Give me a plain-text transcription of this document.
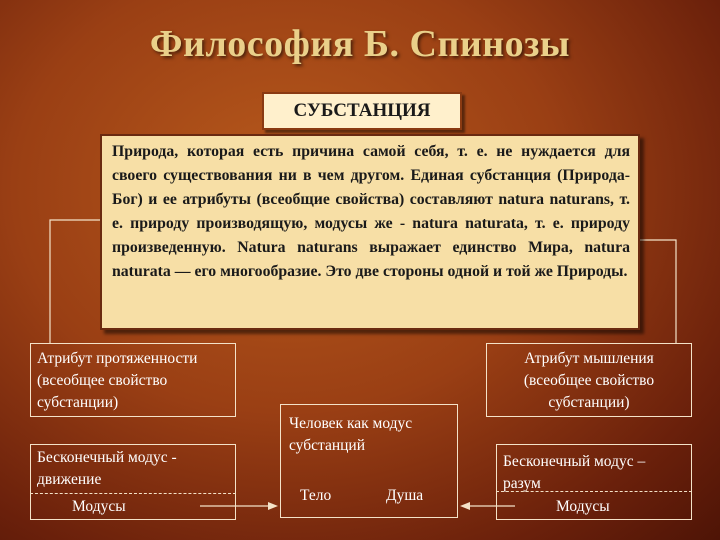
Философия Б. Спинозы
СУБСТАНЦИЯ
Природа, которая есть причина самой себя, т. е. не нуждается для своего существования ни в чем другом. Единая субстанция (Природа-Бог) и ее атрибуты (всеобщие свойства) составляют natura naturans, т. е. природу производящую, модусы же - natura naturata, т. е. природу произведенную. Natura naturans выражает единство Мира, natura naturata — его многообразие. Это две стороны одной и той же Природы.
Атрибут протяженности (всеобщее свойство субстанции)
Атрибут мышления (всеобщее свойство субстанции)
Бесконечный модус - движение
Модусы
Бесконечный модус – разум
Модусы
Человек как модус субстанций
Тело	Душа
